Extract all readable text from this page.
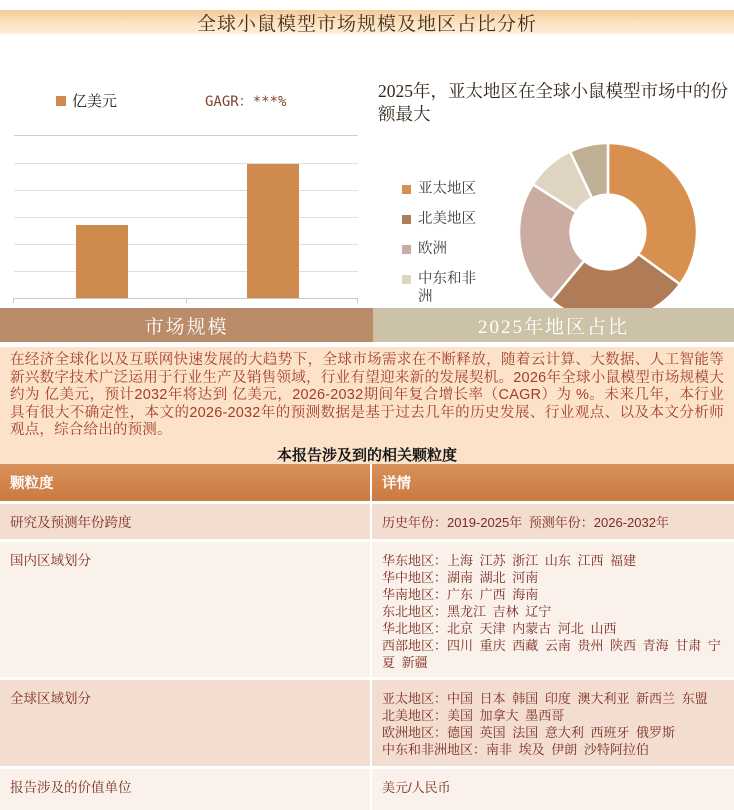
全球小鼠模型市场规模及地区占比分析
亿美元	GAGR：***%
2025年，亚太地区在全球小鼠模型市场中的份额最大
亚太地区
北美地区
欧洲
中东和非洲
市场规模	2025年地区占比
在经济全球化以及互联网快速发展的大趋势下，全球市场需求在不断释放，随着云计算、大数据、人工智能等新兴数字技术广泛运用于行业生产及销售领域，行业有望迎来新的发展契机。2026年全球小鼠模型市场规模大约为 亿美元，预计2032年将达到 亿美元，2026-2032期间年复合增长率（CAGR）为 %。未来几年，本行业具有很大不确定性，本文的2026-2032年的预测数据是基于过去几年的历史发展、行业观点、以及本文分析师观点，综合给出的预测。
本报告涉及到的相关颗粒度
颗粒度	详情
研究及预测年份跨度	历史年份：2019-2025年 预测年份：2026-2032年
国内区域划分	华东地区：上海 江苏 浙江 山东 江西 福建
华中地区：湖南 湖北 河南
华南地区：广东 广西 海南
东北地区：黑龙江 吉林 辽宁
华北地区：北京 天津 内蒙古 河北 山西
西部地区：四川 重庆 西藏 云南 贵州 陕西 青海 甘肃 宁夏 新疆
全球区域划分	亚太地区：中国 日本 韩国 印度 澳大利亚 新西兰 东盟
北美地区：美国 加拿大 墨西哥
欧洲地区：德国 英国 法国 意大利 西班牙 俄罗斯
中东和非洲地区：南非 埃及 伊朗 沙特阿拉伯
报告涉及的价值单位	美元/人民币
